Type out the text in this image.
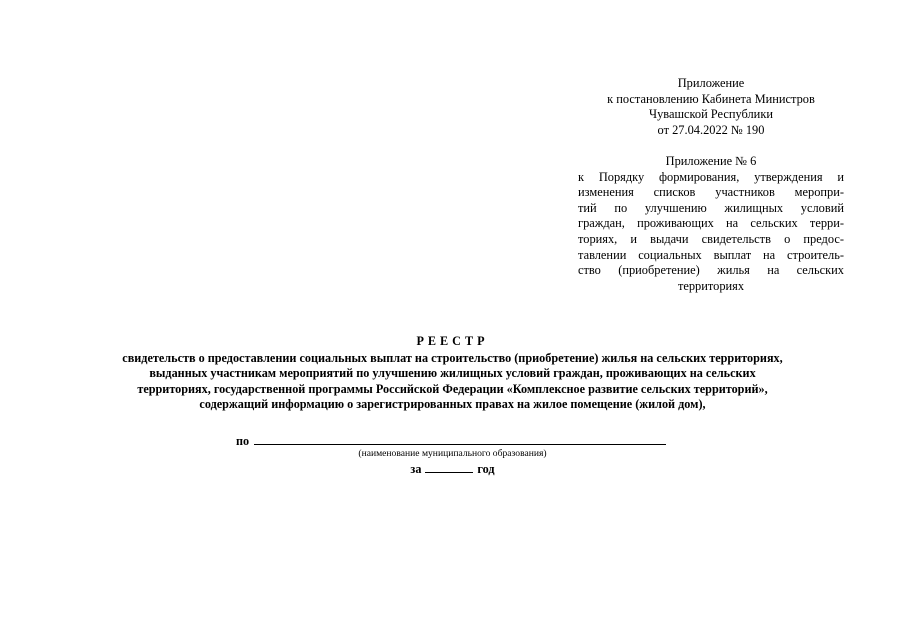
Приложение
к постановлению Кабинета Министров
Чувашской Республики
от 27.04.2022 № 190
Приложение № 6
к Порядку формирования, утверждения и
изменения списков участников меропри-
тий по улучшению жилищных условий
граждан, проживающих на сельских терри-
ториях, и выдачи свидетельств о предос-
тавлении социальных выплат на строитель-
ство (приобретение) жилья на сельских
территориях
РЕЕСТР
свидетельств о предоставлении социальных выплат на строительство (приобретение) жилья на сельских территориях,
выданных участникам мероприятий по улучшению жилищных условий граждан, проживающих на сельских
территориях, государственной программы Российской Федерации «Комплексное развитие сельских территорий»,
содержащий информацию о зарегистрированных правах на жилое помещение (жилой дом),
по
(наименование муниципального образования)
за	год
